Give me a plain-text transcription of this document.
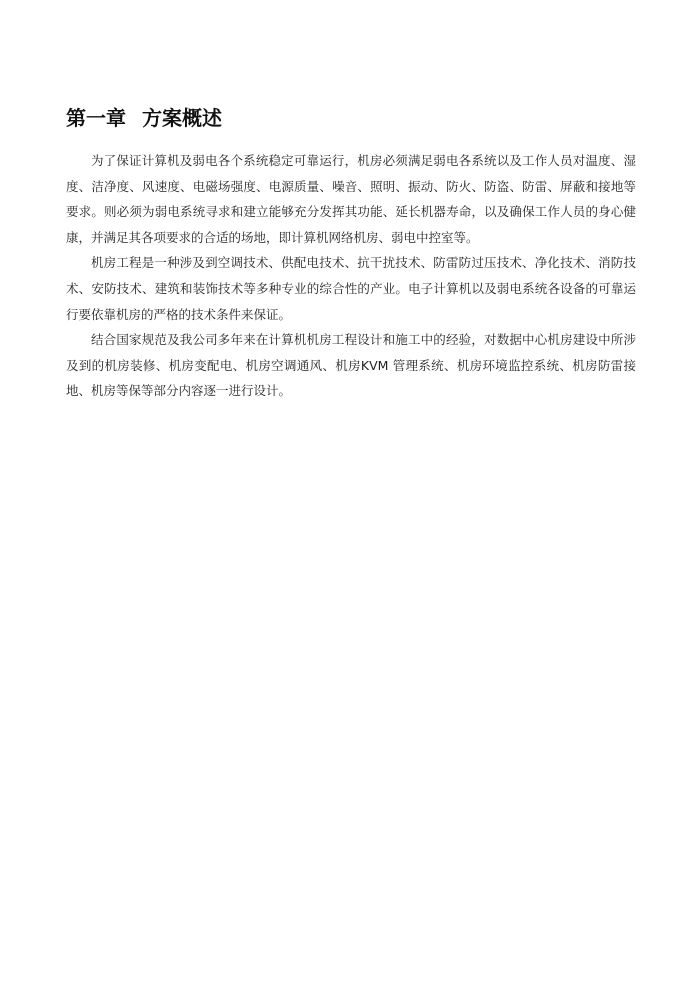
第一章 方案概述

为了保证计算机及弱电各个系统稳定可靠运行，机房必须满足弱电各系统以及工作人员对温度、湿度、洁净度、风速度、电磁场强度、电源质量、噪音、照明、振动、防火、防盗、防雷、屏蔽和接地等要求。则必须为弱电系统寻求和建立能够充分发挥其功能、延长机器寿命，以及确保工作人员的身心健康，并满足其各项要求的合适的场地，即计算机网络机房、弱电中控室等。

机房工程是一种涉及到空调技术、供配电技术、抗干扰技术、防雷防过压技术、净化技术、消防技术、安防技术、建筑和装饰技术等多种专业的综合性的产业。电子计算机以及弱电系统各设备的可靠运行要依靠机房的严格的技术条件来保证。

结合国家规范及我公司多年来在计算机机房工程设计和施工中的经验，对数据中心机房建设中所涉及到的机房装修、机房变配电、机房空调通风、机房KVM 管理系统、机房环境监控系统、机房防雷接地、机房等保等部分内容逐一进行设计。
